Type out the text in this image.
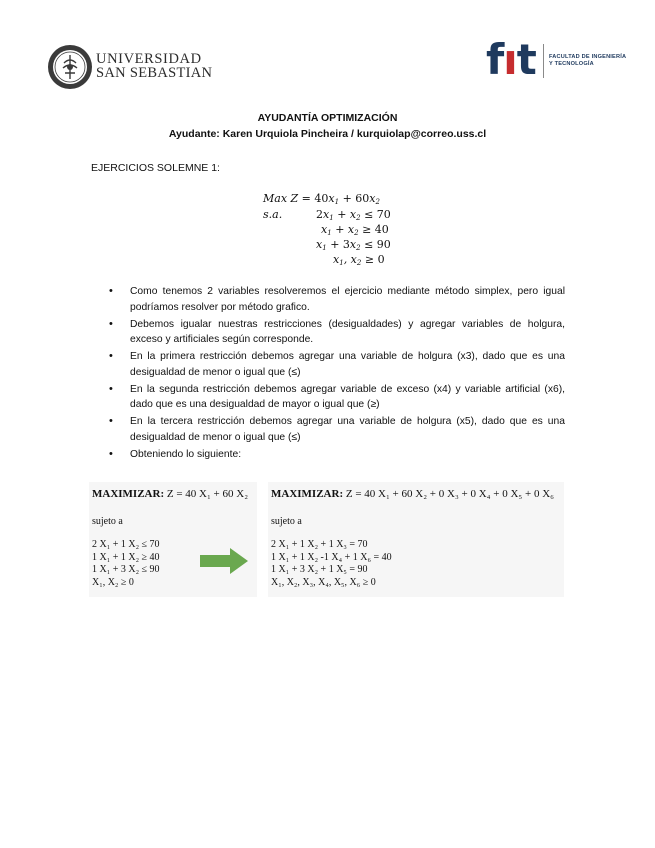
UNIVERSIDAD
SAN SEBASTIAN	fıt FACULTAD DE INGENIERÍA
Y TECNOLOGÍA
AYUDANTÍA OPTIMIZACIÓN
Ayudante: Karen Urquiola Pincheira / kurquiolap@correo.uss.cl
EJERCICIOS SOLEMNE 1:
Max $Z = 40x_1 + 60x_2$
s.a.	$2x_1 + x_2 \le 70$
$x_1 + x_2 \ge 40$
$x_1 + 3x_2 \le 90$
$x_1$, $x_2 \ge 0$
• Como tenemos 2 variables resolveremos el ejercicio mediante método simplex, pero igual podríamos resolver por método grafico.
• Debemos igualar nuestras restricciones (desigualdades) y agregar variables de holgura, exceso y artificiales según corresponde.
• En la primera restricción debemos agregar una variable de holgura (x3), dado que es una desigualdad de menor o igual que (≤)
• En la segunda restricción debemos agregar variable de exceso (x4) y variable artificial (x6), dado que es una desigualdad de mayor o igual que (≥)
• En la tercera restricción debemos agregar una variable de holgura (x5), dado que es una desigualdad de menor o igual que (≤)
• Obteniendo lo siguiente:
MAXIMIZAR: Z = 40 X₁ + 60 X₂
sujeto a
2 X₁ + 1 X₂ ≤ 70
1 X₁ + 1 X₂ ≥ 40
1 X₁ + 3 X₂ ≤ 90
X₁, X₂ ≥ 0
MAXIMIZAR: Z = 40 X₁ + 60 X₂ + 0 X₃ + 0 X₄ + 0 X₅ + 0 X₆
sujeto a
2 X₁ + 1 X₂ + 1 X₃ = 70
1 X₁ + 1 X₂ -1 X₄ + 1 X₆ = 40
1 X₁ + 3 X₂ + 1 X₅ = 90
X₁, X₂, X₃, X₄, X₅, X₆ ≥ 0
